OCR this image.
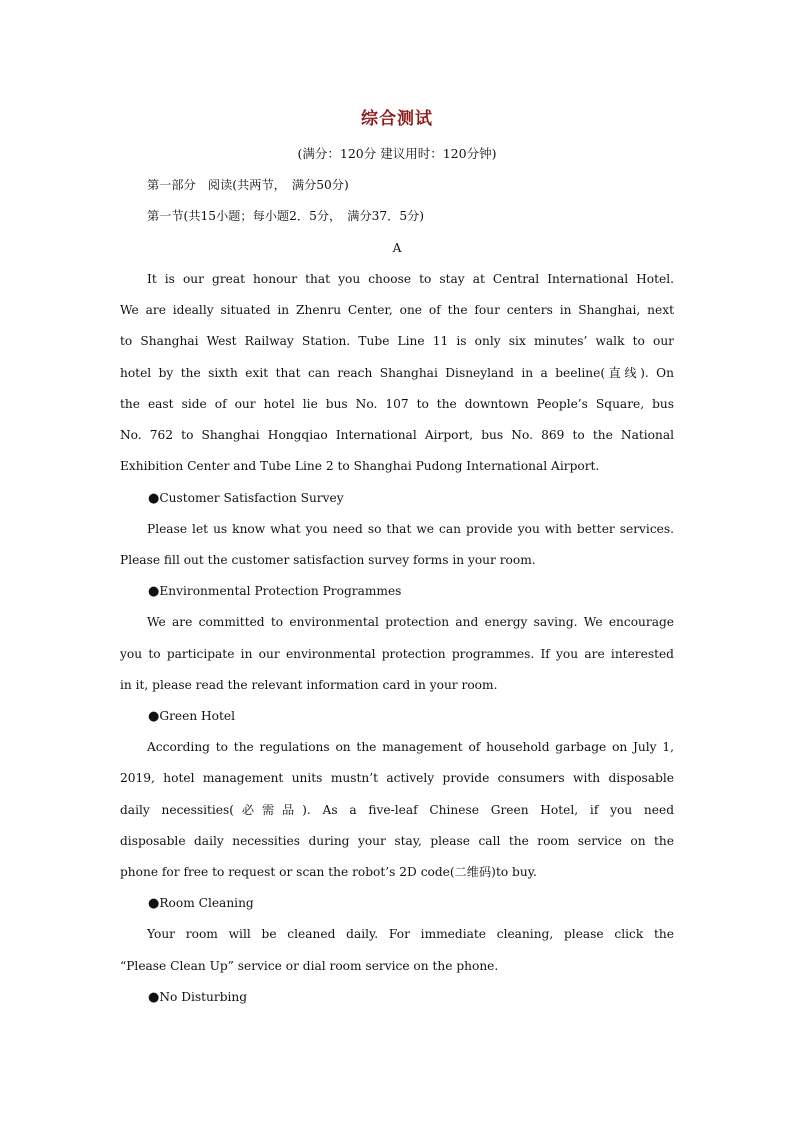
综合测试
(满分：120分 建议用时：120分钟)
第一部分　阅读(共两节，　满分50分)
第一节(共15小题；每小题2．5分，　满分37．5分)
A
It is our great honour that you choose to stay at Central International Hotel.
We are ideally situated in Zhenru Center, one of the four centers in Shanghai, next
to Shanghai West Railway Station. Tube Line 11 is only six minutes’ walk to our
hotel by the sixth exit that can reach Shanghai Disneyland in a beeline(直线). On
the east side of our hotel lie bus No. 107 to the downtown People’s Square, bus
No. 762 to Shanghai Hongqiao International Airport, bus No. 869 to the National
Exhibition Center and Tube Line 2 to Shanghai Pudong International Airport.
●Customer Satisfaction Survey
Please let us know what you need so that we can provide you with better services.
Please fill out the customer satisfaction survey forms in your room.
●Environmental Protection Programmes
We are committed to environmental protection and energy saving. We encourage
you to participate in our environmental protection programmes. If you are interested
in it, please read the relevant information card in your room.
●Green Hotel
According to the regulations on the management of household garbage on July 1,
2019, hotel management units mustn’t actively provide consumers with disposable
daily necessities(必需品). As a five-leaf Chinese Green Hotel, if you need
disposable daily necessities during your stay, please call the room service on the
phone for free to request or scan the robot’s 2D code(二维码)to buy.
●Room Cleaning
Your room will be cleaned daily. For immediate cleaning, please click the
“Please Clean Up” service or dial room service on the phone.
●No Disturbing
